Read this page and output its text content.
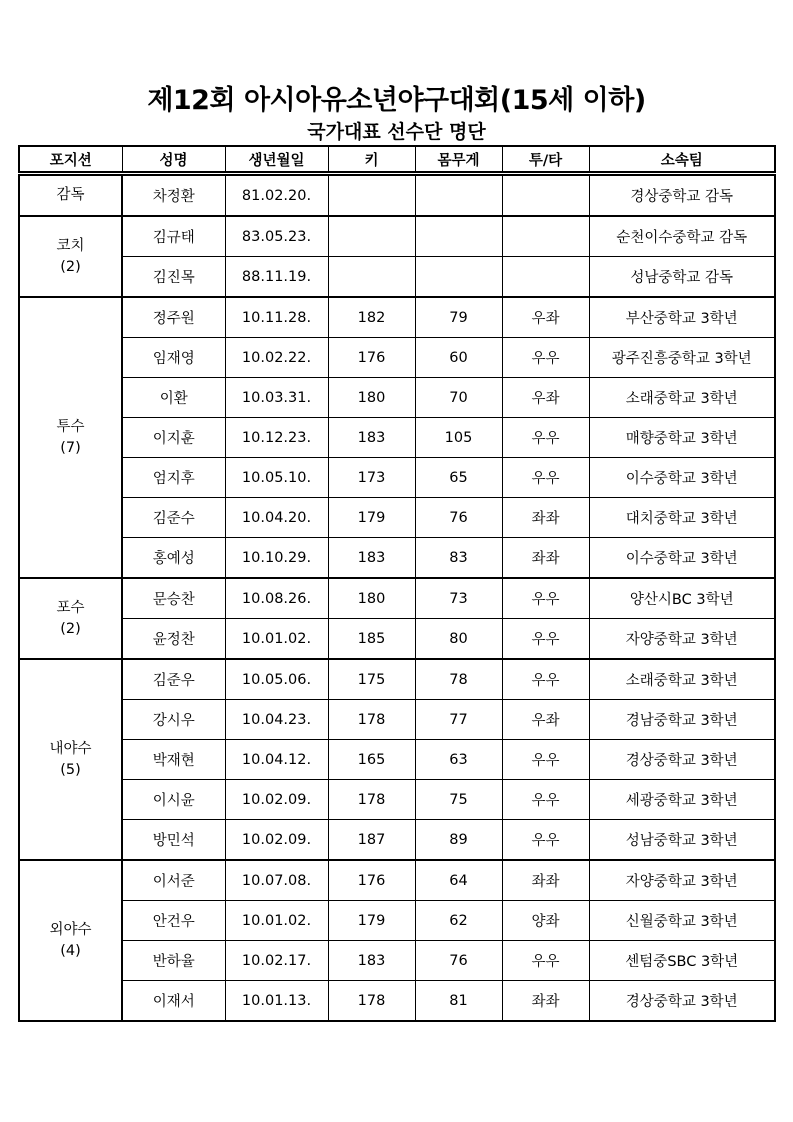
제12회 아시아유소년야구대회(15세 이하)
국가대표 선수단 명단
포지션	성명	생년월일	키	몸무게	투/타	소속팀

감독	차정환	81.02.20.				경상중학교 감독

코치
(2)	김규태	83.05.23.				순천이수중학교 감독
	김진목	88.11.19.				성남중학교 감독

투수
(7)	정주원	10.11.28.	182	79	우좌	부산중학교 3학년
	임재영	10.02.22.	176	60	우우	광주진흥중학교 3학년
	이환	10.03.31.	180	70	우좌	소래중학교 3학년
	이지훈	10.12.23.	183	105	우우	매향중학교 3학년
	엄지후	10.05.10.	173	65	우우	이수중학교 3학년
	김준수	10.04.20.	179	76	좌좌	대치중학교 3학년
	홍예성	10.10.29.	183	83	좌좌	이수중학교 3학년

포수
(2)	문승찬	10.08.26.	180	73	우우	양산시BC 3학년
	윤정찬	10.01.02.	185	80	우우	자양중학교 3학년

내야수
(5)	김준우	10.05.06.	175	78	우우	소래중학교 3학년
	강시우	10.04.23.	178	77	우좌	경남중학교 3학년
	박재현	10.04.12.	165	63	우우	경상중학교 3학년
	이시윤	10.02.09.	178	75	우우	세광중학교 3학년
	방민석	10.02.09.	187	89	우우	성남중학교 3학년

외야수
(4)	이서준	10.07.08.	176	64	좌좌	자양중학교 3학년
	안건우	10.01.02.	179	62	양좌	신월중학교 3학년
	반하율	10.02.17.	183	76	우우	센텀중SBC 3학년
	이재서	10.01.13.	178	81	좌좌	경상중학교 3학년
